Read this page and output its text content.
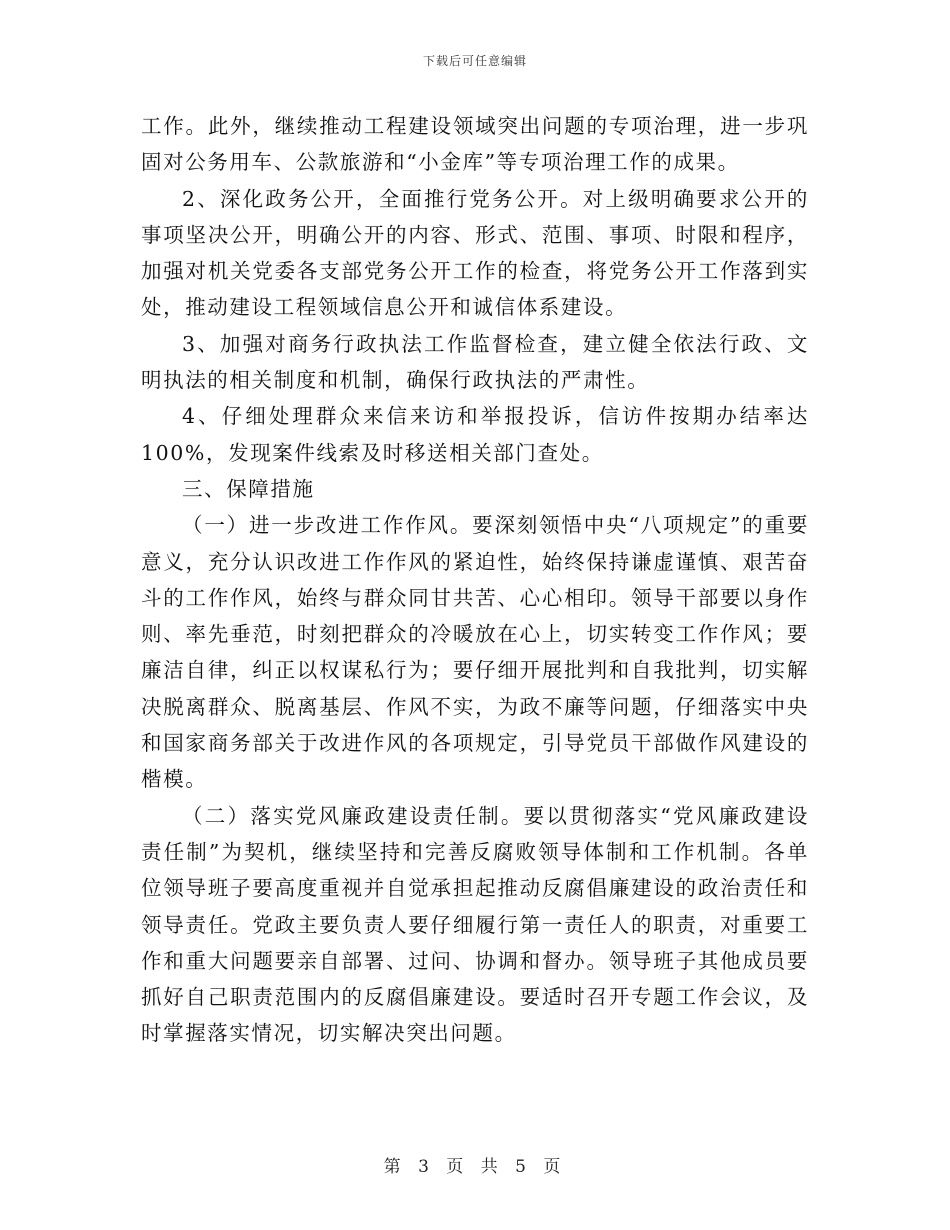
下载后可任意编辑

工作。此外，继续推动工程建设领域突出问题的专项治理，进一步巩固对公务用车、公款旅游和“小金库”等专项治理工作的成果。

2、深化政务公开，全面推行党务公开。对上级明确要求公开的事项坚决公开，明确公开的内容、形式、范围、事项、时限和程序，加强对机关党委各支部党务公开工作的检查，将党务公开工作落到实处，推动建设工程领域信息公开和诚信体系建设。

3、加强对商务行政执法工作监督检查，建立健全依法行政、文明执法的相关制度和机制，确保行政执法的严肃性。

4、仔细处理群众来信来访和举报投诉，信访件按期办结率达100%，发现案件线索及时移送相关部门查处。

三、保障措施

（一）进一步改进工作作风。要深刻领悟中央“八项规定”的重要意义，充分认识改进工作作风的紧迫性，始终保持谦虚谨慎、艰苦奋斗的工作作风，始终与群众同甘共苦、心心相印。领导干部要以身作则、率先垂范，时刻把群众的冷暖放在心上，切实转变工作作风；要廉洁自律，纠正以权谋私行为；要仔细开展批判和自我批判，切实解决脱离群众、脱离基层、作风不实，为政不廉等问题，仔细落实中央和国家商务部关于改进作风的各项规定，引导党员干部做作风建设的楷模。

（二）落实党风廉政建设责任制。要以贯彻落实“党风廉政建设责任制”为契机，继续坚持和完善反腐败领导体制和工作机制。各单位领导班子要高度重视并自觉承担起推动反腐倡廉建设的政治责任和领导责任。党政主要负责人要仔细履行第一责任人的职责，对重要工作和重大问题要亲自部署、过问、协调和督办。领导班子其他成员要抓好自己职责范围内的反腐倡廉建设。要适时召开专题工作会议，及时掌握落实情况，切实解决突出问题。

第 3 页 共 5 页
